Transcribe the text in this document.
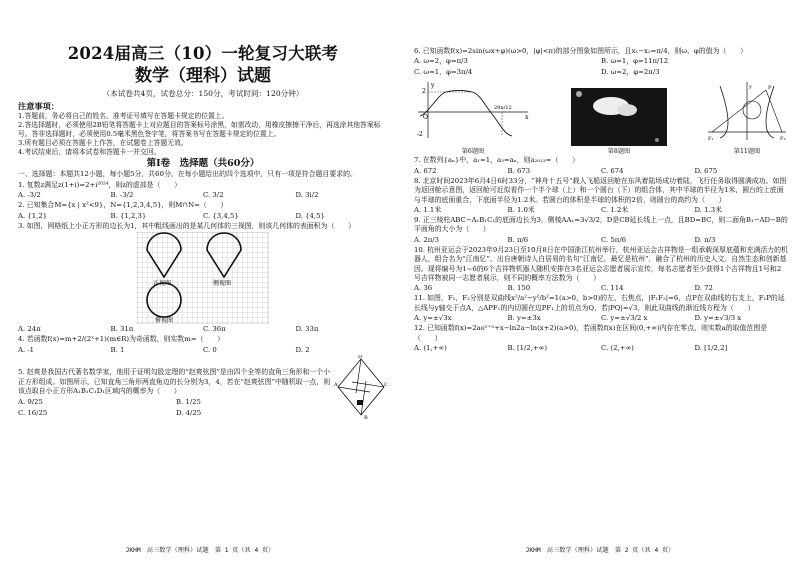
2024届高三（10）一轮复习大联考
数学（理科）试题
（本试卷共4页，试卷总分：150分，考试时间：120分钟）
注意事项：
1.答题前，务必将自己的姓名、准考证号填写在答题卡规定的位置上。
2.答选择题时，必须使用2B铅笔将答题卡上对应题目的答案标号涂黑，如需改动，用橡皮擦擦干净后，再选涂其他答案标号。答非选择题时，必须使用0.5毫米黑色签字笔，将答案书写在答题卡规定的位置上。
3.所有题目必须在答题卡上作答，在试题卷上答题无效。
4.考试结束后，请将本试卷和答题卡一并交回。
第Ⅰ卷　选择题（共60分）
一、选择题：本题共12小题，每小题5分，共60分。在每小题给出的四个选项中，只有一项是符合题目要求的。
1. 复数z满足z(1+i)=2+i²⁰²⁴，则z的虚部是（　　）
A. -3/2	B. -3/2	C. 3/2	D. 3i/2
2. 已知集合M={x | x²<9}，N={1,2,3,4,5}，则M∩N=（　　）
A. {1,2}	B. {1,2,3}	C. {3,4,5}	D. {4,5}
3. 如图，网格纸上小正方形的边长为1，其中粗线画出的是某几何体的三视图，则该几何体的表面积为（　　）
正视图	侧视图
俯视图
A. 24π	B. 31π	C. 36π	D. 33π
4. 若函数f(x)=m+2/(2ˣ+1)(m∈R)为奇函数，则实数m=（　　）
A. -1	B. 1	C. 0	D. 2
5. 赵爽是我国古代著名数学家，他用于证明勾股定理的“赵爽弦图”是由四个全等的直角三角形和一个小正方形组成。如图所示，已知直角三角形两直角边的长分别为3，4，若在“赵爽弦图”中随机取一点，则该点取自小正方形A₁B₁C₁D₁区域内的概率为（　　）
A. 9/25	B. 1/25
C. 16/25	D. 4/25
D
C
A
B
JKHM　高三数学（理科）试题　第 1 页（共 4 页）
6. 已知函数f(x)=2sin(ωx+φ)(ω>0，|φ|<π)的部分图象如图所示，且x₁−x₂=π/4，则ω，φ的值为（　　）
A. ω=2，φ=π/3	B. ω=1，φ=11π/12
C. ω=1，φ=3π/4	D. ω=2，φ=2π/3
2
-2
29π/12
O	x
y
第6题图	第8题图
F₁	F₂
P
y
第11题图
7. 在数列{aₙ}中，a₁=1，a₃=aₙ，则a₂₀₂₃=（　　）
A. 672	B. 673	C. 674	D. 675
8. 北京时间2023年6月4日6时33分，“神舟十五号”载人飞船返回舱在东风着陆场成功着陆，飞行任务取得圆满成功。如图为返回舱示意图，返回舱可近似看作一个半个球（上）和一个圆台（下）的组合体，其中半球的半径为1米，圆台的上底面与半球的底面重合，下底面半径为1.2米。若圆台的体积是半球的体积的2倍，则圆台的高约为（　　）
A. 1.1米	B. 1.0米	C. 1.2米	D. 1.3米
9. 正三棱柱ABC−A₁B₁C₁的底面边长为3，侧棱AA₁=3√3/2，D是CB延长线上一点，且BD=BC，则二面角B₁−AD−B的平面角的大小为（　　）
A. 2π/3	B. π/6	C. 5π/6	D. π/3
10. 杭州亚运会于2023年9月23日至10月8日在中国浙江杭州举行，杭州亚运会吉祥物是一组承载深厚底蕴和充满活力的机器人，组合名为“江南忆”，出自唐朝诗人白居易的名句“江南忆，最忆是杭州”，融合了杭州的历史人文、自然生态和创新基因。现将编号为1~6的6个吉祥物机器人随机安排在3名亚运会志愿者展示宣传，每名志愿者至少获得1个吉祥物且1号和2号吉祥物被同一志愿者展示，则不同的概率方法数为（　　）
A. 36	B. 150	C. 114	D. 72
11. 如图，F₁，F₂分别是双曲线x²/a²−y²/b²=1(a>0，b>0)的左、右焦点，|F₁F₂|=6，点P在双曲线的右支上，F₁P的延长线与y轴交于点A，△APF₁的内切圆在边PF₁上的切点为Q，若|PQ|=√3，则此双曲线的渐近线方程为（　　）
A. y=±√3x	B. y=±3x	C. y=±√3/2 x	D. y=±√3/3 x
12. 已知函数f(x)=2aeˣ⁺ᵃ+x−ln2a−ln(x+2)(a>0)，若函数f(x)在区间(0,+∞)内存在零点，则实数a的取值范围是（　　）
A. (1,+∞)	B. [1/2,+∞)	C. (2,+∞)	D. [1/2,2]
JKHM　高三数学（理科）试题　第 2 页（共 4 页）
